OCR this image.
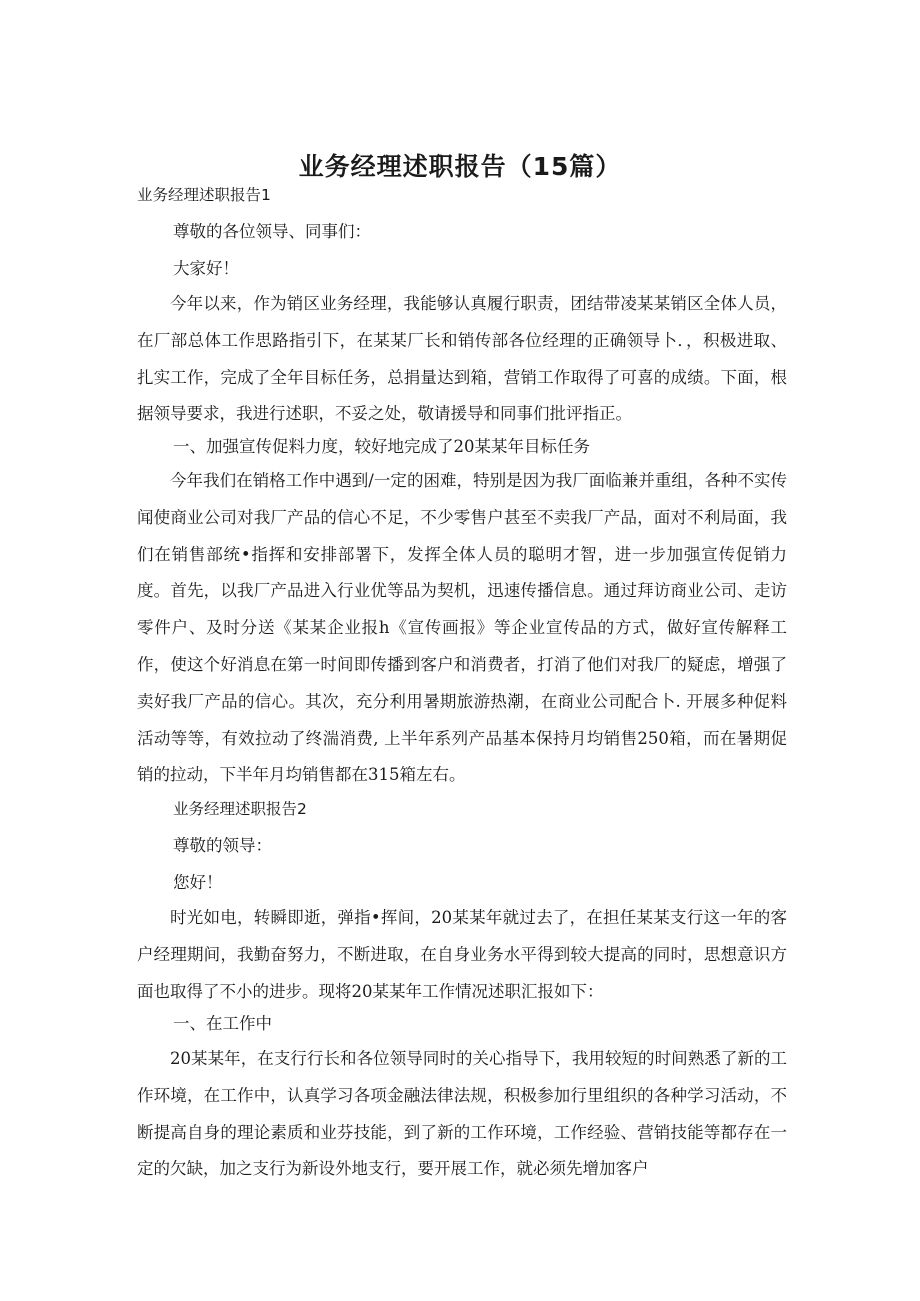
业务经理述职报告（15篇）

业务经理述职报告1

尊敬的各位领导、同事们：

大家好！

今年以来，作为销区业务经理，我能够认真履行职责，团结带凌某某销区全体人员，在厂部总体工作思路指引下，在某某厂长和销传部各位经理的正确领导卜．，积极进取、扎实工作，完成了全年目标任务，总捐量达到箱，营销工作取得了可喜的成绩。下面，根据领导要求，我进行述职，不妥之处，敬请援导和同事们批评指正。

一、加强宣传促料力度，较好地完成了20某某年目标任务

今年我们在销格工作中遇到/一定的困难，特别是因为我厂面临兼并重组，各种不实传闻使商业公司对我厂产品的信心不足，不少零售户甚至不卖我厂产品，面对不利局面，我们在销售部统•指挥和安排部署下，发挥全体人员的聪明才智，进一步加强宣传促销力度。首先，以我厂产品进入行业优等品为契机，迅速传播信息。通过拜访商业公司、走访零件户、及时分送《某某企业报h《宣传画报》等企业宣传品的方式，做好宣传解释工作，使这个好消息在第一时间即传播到客户和消费者，打消了他们对我厂的疑虑，增强了卖好我厂产品的信心。其次，充分利用暑期旅游热潮，在商业公司配合卜. 开展多种促料活动等等，有效拉动了终湍消费, 上半年系列产品基本保持月均销售250箱，而在暑期促销的拉动，下半年月均销售都在315箱左右。

业务经理述职报告2

尊敬的领导：

您好！

时光如电，转瞬即逝，弹指•挥间，20某某年就过去了，在担任某某支行这一年的客户经理期间，我勤奋努力，不断进取，在自身业务水平得到较大提高的同时，思想意识方面也取得了不小的进步。现将20某某年工作情况述职汇报如下：

一、在工作中

20某某年，在支行行长和各位领导同时的关心指导下，我用较短的时间熟悉了新的工作环境，在工作中，认真学习各项金融法律法规，积极参加行里组织的各种学习活动，不断提高自身的理论素质和业芬技能，到了新的工作环境，工作经验、营销技能等都存在一定的欠缺，加之支行为新设外地支行，要开展工作，就必须先增加客户
